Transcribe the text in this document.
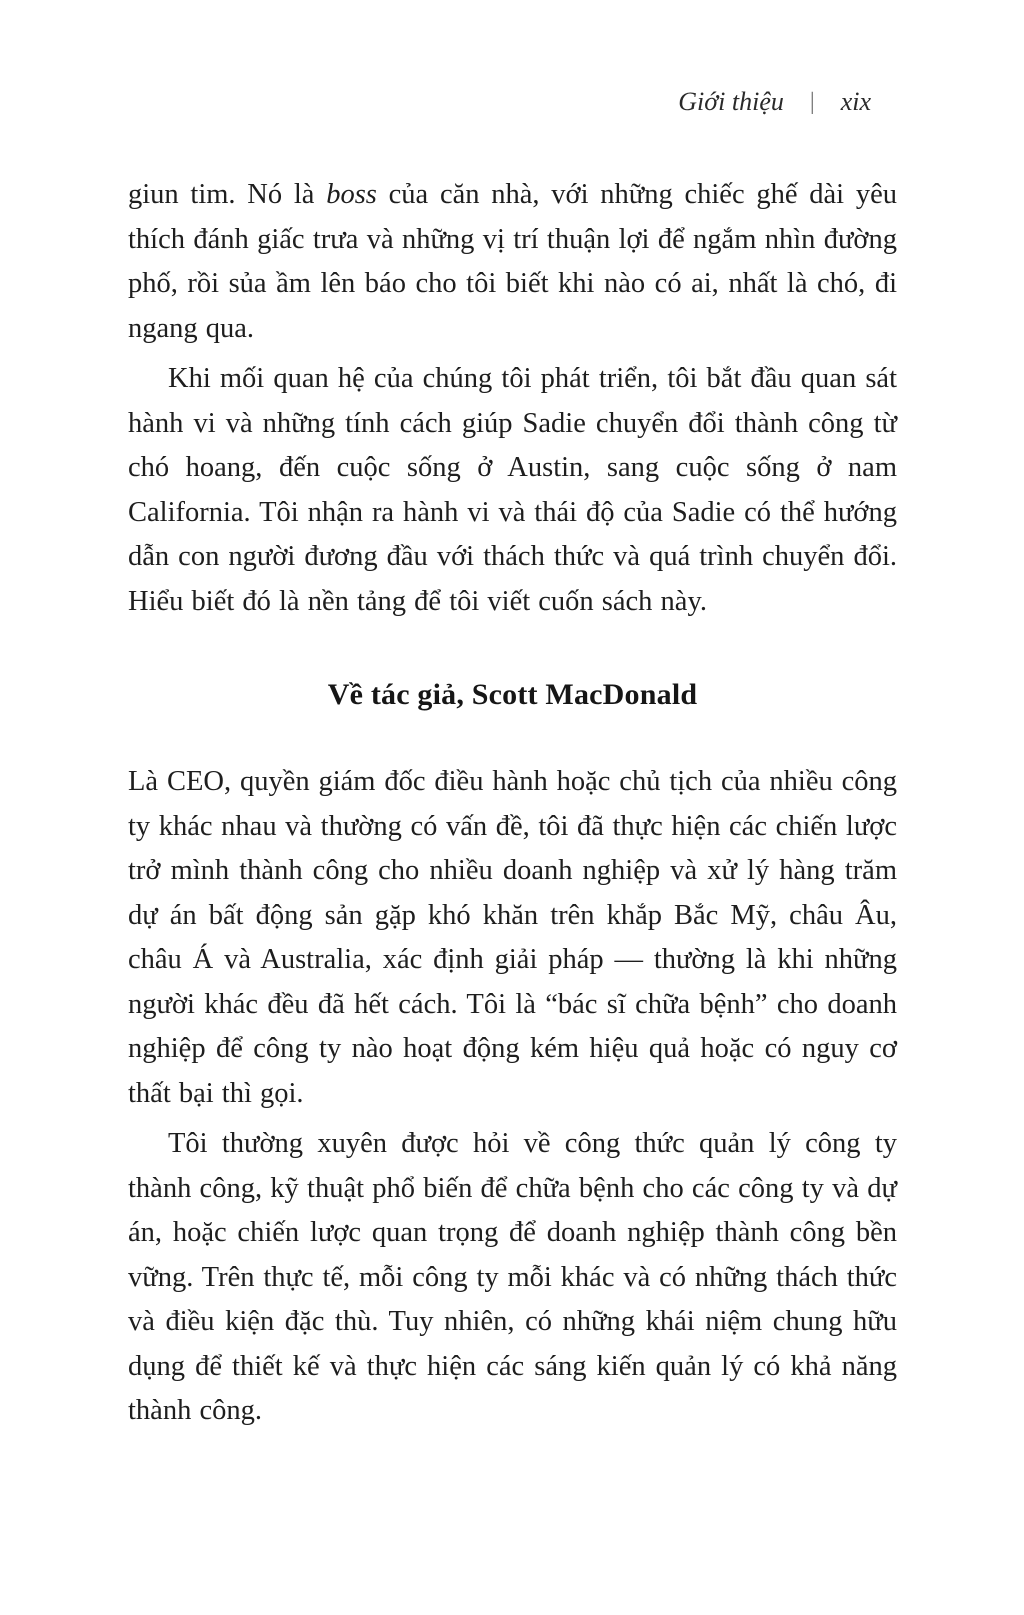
Giới thiệu | xix

giun tim. Nó là boss của căn nhà, với những chiếc ghế dài yêu thích đánh giấc trưa và những vị trí thuận lợi để ngắm nhìn đường phố, rồi sủa ầm lên báo cho tôi biết khi nào có ai, nhất là chó, đi ngang qua.

Khi mối quan hệ của chúng tôi phát triển, tôi bắt đầu quan sát hành vi và những tính cách giúp Sadie chuyển đổi thành công từ chó hoang, đến cuộc sống ở Austin, sang cuộc sống ở nam California. Tôi nhận ra hành vi và thái độ của Sadie có thể hướng dẫn con người đương đầu với thách thức và quá trình chuyển đổi. Hiểu biết đó là nền tảng để tôi viết cuốn sách này.

Về tác giả, Scott MacDonald

Là CEO, quyền giám đốc điều hành hoặc chủ tịch của nhiều công ty khác nhau và thường có vấn đề, tôi đã thực hiện các chiến lược trở mình thành công cho nhiều doanh nghiệp và xử lý hàng trăm dự án bất động sản gặp khó khăn trên khắp Bắc Mỹ, châu Âu, châu Á và Australia, xác định giải pháp — thường là khi những người khác đều đã hết cách. Tôi là “bác sĩ chữa bệnh” cho doanh nghiệp để công ty nào hoạt động kém hiệu quả hoặc có nguy cơ thất bại thì gọi.

Tôi thường xuyên được hỏi về công thức quản lý công ty thành công, kỹ thuật phổ biến để chữa bệnh cho các công ty và dự án, hoặc chiến lược quan trọng để doanh nghiệp thành công bền vững. Trên thực tế, mỗi công ty mỗi khác và có những thách thức và điều kiện đặc thù. Tuy nhiên, có những khái niệm chung hữu dụng để thiết kế và thực hiện các sáng kiến quản lý có khả năng thành công.
